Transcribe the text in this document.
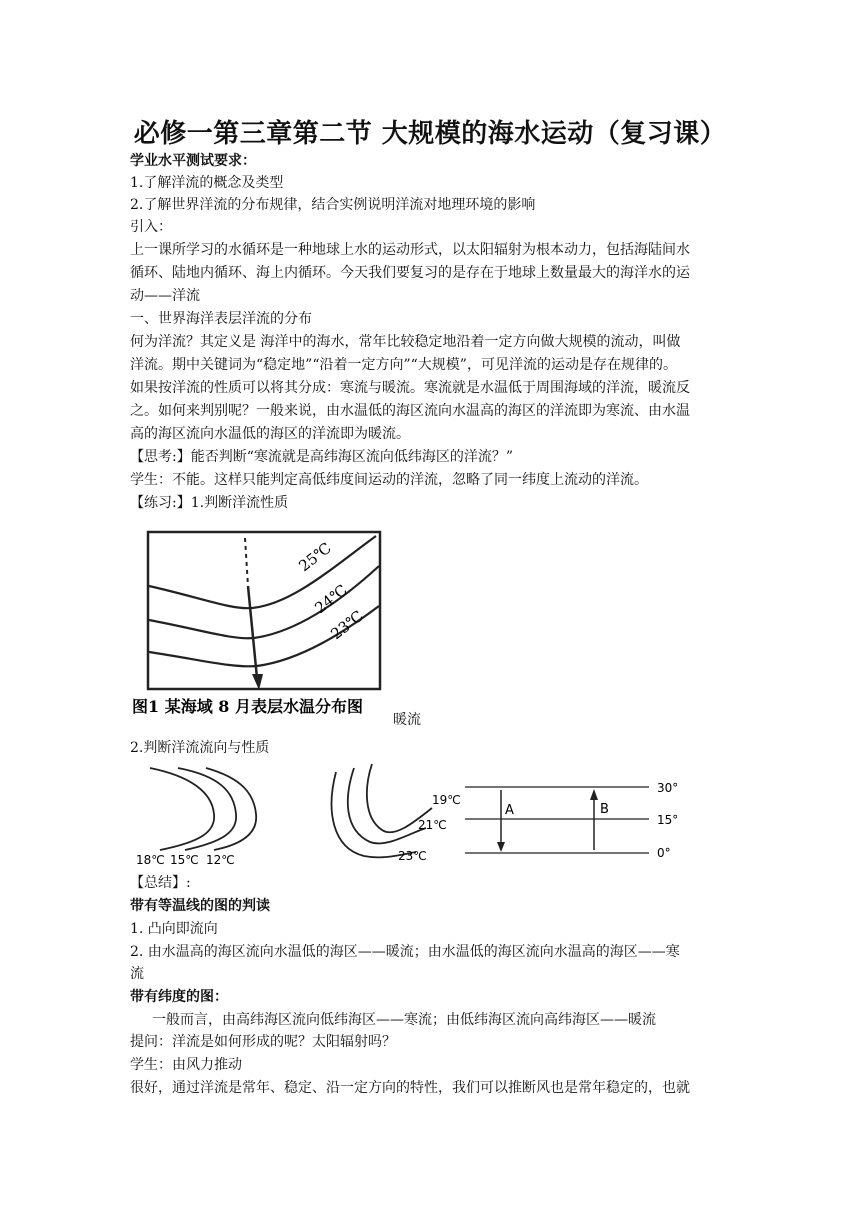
必修一第三章第二节 大规模的海水运动（复习课）
学业水平测试要求：
1.了解洋流的概念及类型
2.了解世界洋流的分布规律，结合实例说明洋流对地理环境的影响
引入：
上一课所学习的水循环是一种地球上水的运动形式，以太阳辐射为根本动力，包括海陆间水
循环、陆地内循环、海上内循环。今天我们要复习的是存在于地球上数量最大的海洋水的运
动——洋流
一、世界海洋表层洋流的分布
何为洋流？其定义是 海洋中的海水，常年比较稳定地沿着一定方向做大规模的流动，叫做
洋流。期中关键词为“稳定地”“沿着一定方向”“大规模”，可见洋流的运动是存在规律的。
如果按洋流的性质可以将其分成：寒流与暖流。寒流就是水温低于周围海域的洋流，暖流反
之。如何来判别呢？一般来说，由水温低的海区流向水温高的海区的洋流即为寒流、由水温
高的海区流向水温低的海区的洋流即为暖流。
【思考:】能否判断“寒流就是高纬海区流向低纬海区的洋流？”
学生：不能。这样只能判定高低纬度间运动的洋流，忽略了同一纬度上流动的洋流。
【练习:】1.判断洋流性质
25℃
24℃
23℃
图1 某海域 8 月表层水温分布图
暖流
2.判断洋流流向与性质
18℃ 15℃ 12℃
19℃
21℃
23℃
A	B
30°
15°
0°
【总结】:
带有等温线的图的判读
1. 凸向即流向
2. 由水温高的海区流向水温低的海区——暖流；由水温低的海区流向水温高的海区——寒
流
带有纬度的图：
一般而言，由高纬海区流向低纬海区——寒流；由低纬海区流向高纬海区——暖流
提问：洋流是如何形成的呢？太阳辐射吗？
学生：由风力推动
很好，通过洋流是常年、稳定、沿一定方向的特性，我们可以推断风也是常年稳定的，也就
